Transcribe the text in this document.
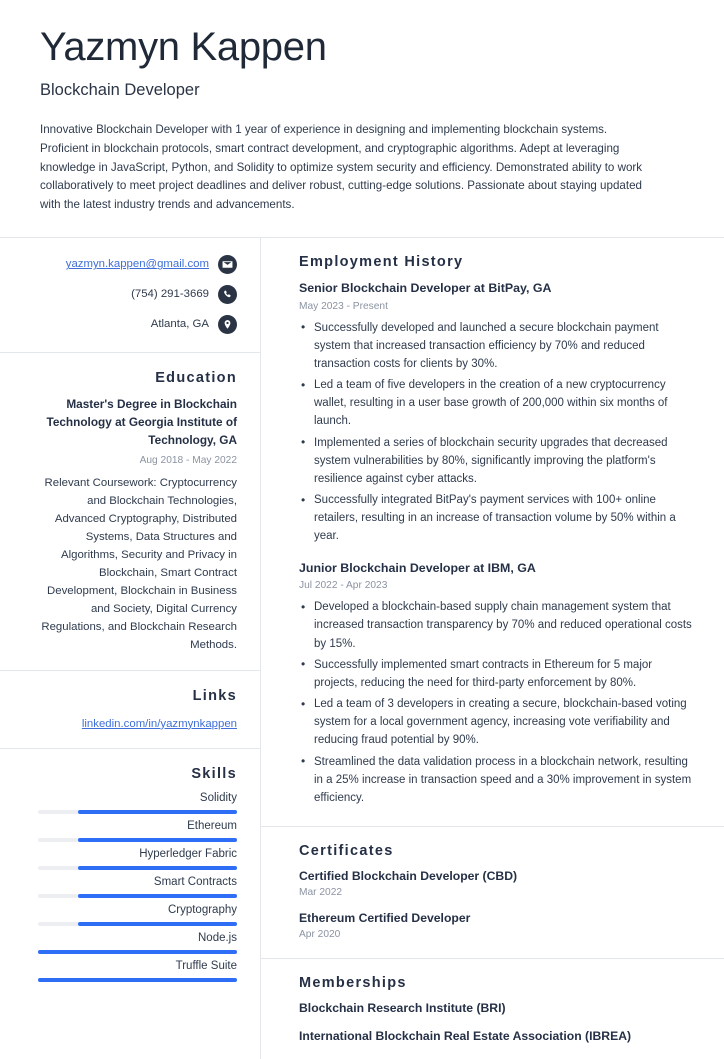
Yazmyn Kappen
Blockchain Developer
Innovative Blockchain Developer with 1 year of experience in designing and implementing blockchain systems. Proficient in blockchain protocols, smart contract development, and cryptographic algorithms. Adept at leveraging knowledge in JavaScript, Python, and Solidity to optimize system security and efficiency. Demonstrated ability to work collaboratively to meet project deadlines and deliver robust, cutting-edge solutions. Passionate about staying updated with the latest industry trends and advancements.
yazmyn.kappen@gmail.com
(754) 291-3669
Atlanta, GA
Education
Master's Degree in Blockchain Technology at Georgia Institute of Technology, GA
Aug 2018 - May 2022
Relevant Coursework: Cryptocurrency and Blockchain Technologies, Advanced Cryptography, Distributed Systems, Data Structures and Algorithms, Security and Privacy in Blockchain, Smart Contract Development, Blockchain in Business and Society, Digital Currency Regulations, and Blockchain Research Methods.
Links
linkedin.com/in/yazmynkappen
Skills
Solidity
Ethereum
Hyperledger Fabric
Smart Contracts
Cryptography
Node.js
Truffle Suite
Employment History
Senior Blockchain Developer at BitPay, GA
May 2023 - Present
• Successfully developed and launched a secure blockchain payment system that increased transaction efficiency by 70% and reduced transaction costs for clients by 30%.
• Led a team of five developers in the creation of a new cryptocurrency wallet, resulting in a user base growth of 200,000 within six months of launch.
• Implemented a series of blockchain security upgrades that decreased system vulnerabilities by 80%, significantly improving the platform's resilience against cyber attacks.
• Successfully integrated BitPay's payment services with 100+ online retailers, resulting in an increase of transaction volume by 50% within a year.
Junior Blockchain Developer at IBM, GA
Jul 2022 - Apr 2023
• Developed a blockchain-based supply chain management system that increased transaction transparency by 70% and reduced operational costs by 15%.
• Successfully implemented smart contracts in Ethereum for 5 major projects, reducing the need for third-party enforcement by 80%.
• Led a team of 3 developers in creating a secure, blockchain-based voting system for a local government agency, increasing vote verifiability and reducing fraud potential by 90%.
• Streamlined the data validation process in a blockchain network, resulting in a 25% increase in transaction speed and a 30% improvement in system efficiency.
Certificates
Certified Blockchain Developer (CBD)
Mar 2022
Ethereum Certified Developer
Apr 2020
Memberships
Blockchain Research Institute (BRI)
International Blockchain Real Estate Association (IBREA)
